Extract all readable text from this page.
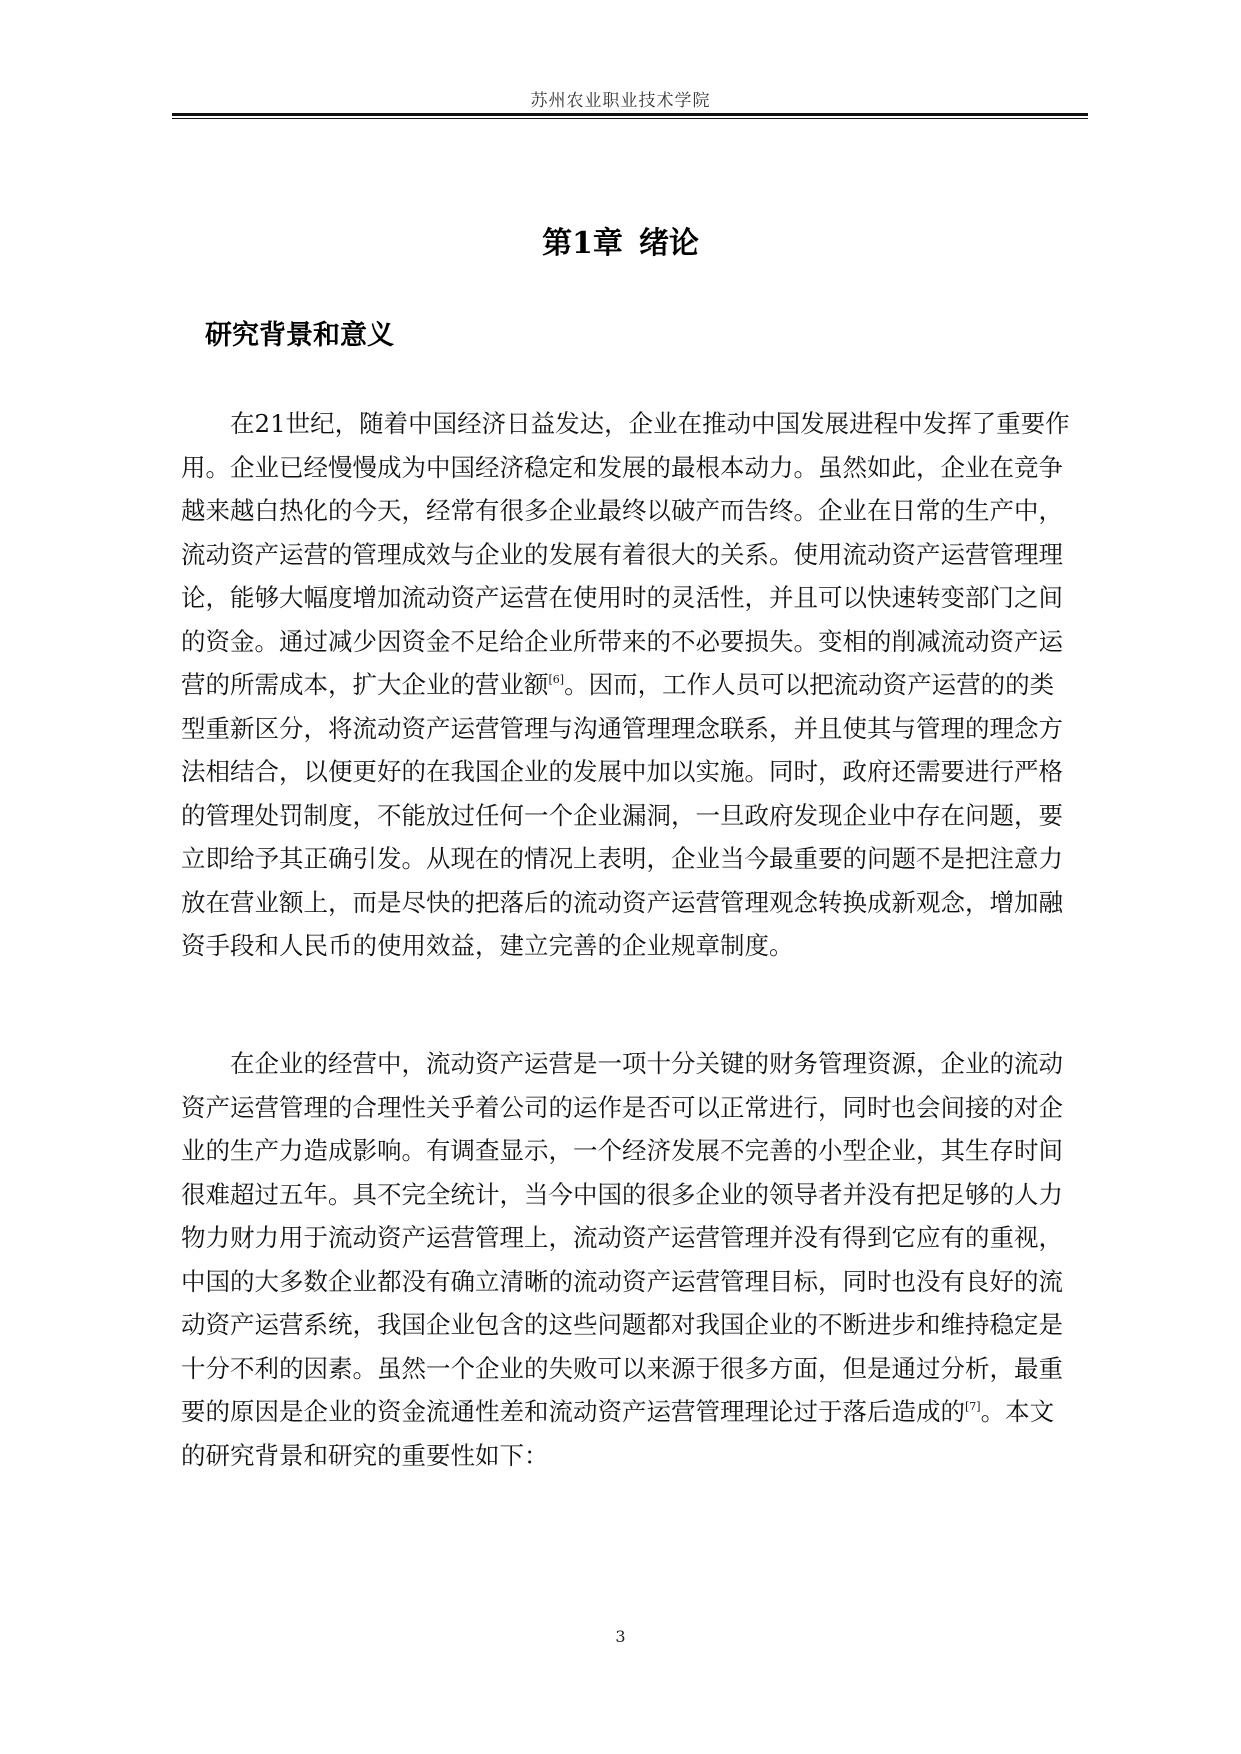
苏州农业职业技术学院
第1章 绪论
研究背景和意义
在21世纪，随着中国经济日益发达，企业在推动中国发展进程中发挥了重要作
用。企业已经慢慢成为中国经济稳定和发展的最根本动力。虽然如此，企业在竞争
越来越白热化的今天，经常有很多企业最终以破产而告终。企业在日常的生产中，
流动资产运营的管理成效与企业的发展有着很大的关系。使用流动资产运营管理理
论，能够大幅度增加流动资产运营在使用时的灵活性，并且可以快速转变部门之间
的资金。通过减少因资金不足给企业所带来的不必要损失。变相的削减流动资产运
营的所需成本，扩大企业的营业额[6]。因而，工作人员可以把流动资产运营的的类
型重新区分，将流动资产运营管理与沟通管理理念联系，并且使其与管理的理念方
法相结合，以便更好的在我国企业的发展中加以实施。同时，政府还需要进行严格
的管理处罚制度，不能放过任何一个企业漏洞，一旦政府发现企业中存在问题，要
立即给予其正确引发。从现在的情况上表明，企业当今最重要的问题不是把注意力
放在营业额上，而是尽快的把落后的流动资产运营管理观念转换成新观念，增加融
资手段和人民币的使用效益，建立完善的企业规章制度。
在企业的经营中，流动资产运营是一项十分关键的财务管理资源，企业的流动
资产运营管理的合理性关乎着公司的运作是否可以正常进行，同时也会间接的对企
业的生产力造成影响。有调查显示，一个经济发展不完善的小型企业，其生存时间
很难超过五年。具不完全统计，当今中国的很多企业的领导者并没有把足够的人力
物力财力用于流动资产运营管理上，流动资产运营管理并没有得到它应有的重视，
中国的大多数企业都没有确立清晰的流动资产运营管理目标，同时也没有良好的流
动资产运营系统，我国企业包含的这些问题都对我国企业的不断进步和维持稳定是
十分不利的因素。虽然一个企业的失败可以来源于很多方面，但是通过分析，最重
要的原因是企业的资金流通性差和流动资产运营管理理论过于落后造成的[7]。本文
的研究背景和研究的重要性如下：
3
